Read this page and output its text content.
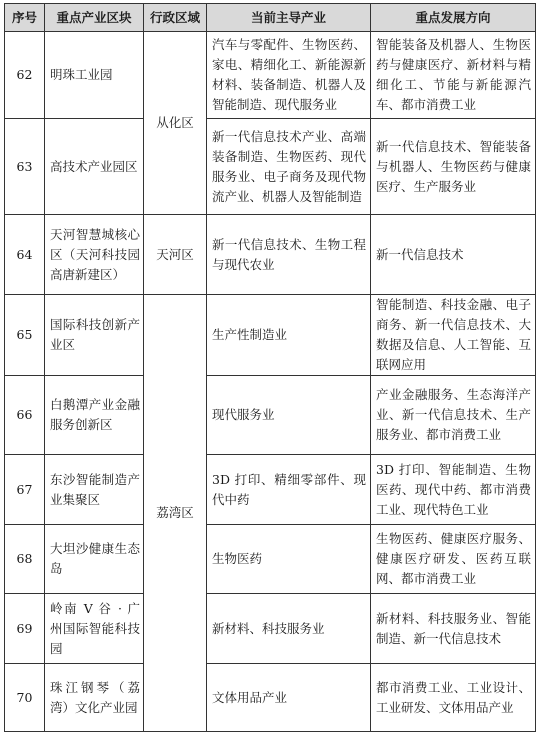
序号	重点产业区块	行政区域	当前主导产业	重点发展方向
62	明珠工业园	从化区	汽车与零配件、生物医药、家电、精细化工、新能源新材料、装备制造、机器人及智能制造、现代服务业	智能装备及机器人、生物医药与健康医疗、新材料与精细化工、节能与新能源汽车、都市消费工业
63	高技术产业园区		新一代信息技术产业、高端装备制造、生物医药、现代服务业、电子商务及现代物流产业、机器人及智能制造	新一代信息技术、智能装备与机器人、生物医药与健康医疗、生产服务业
64	天河智慧城核心区（天河科技园高唐新建区）	天河区	新一代信息技术、生物工程与现代农业	新一代信息技术
65	国际科技创新产业区	荔湾区	生产性制造业	智能制造、科技金融、电子商务、新一代信息技术、大数据及信息、人工智能、互联网应用
66	白鹅潭产业金融服务创新区		现代服务业	产业金融服务、生态海洋产业、新一代信息技术、生产服务业、都市消费工业
67	东沙智能制造产业集聚区		3D 打印、精细零部件、现代中药	3D 打印、智能制造、生物医药、现代中药、都市消费工业、现代特色工业
68	大坦沙健康生态岛		生物医药	生物医药、健康医疗服务、健康医疗研发、医药互联网、都市消费工业
69	岭南 V 谷 · 广州国际智能科技园		新材料、科技服务业	新材料、科技服务业、智能制造、新一代信息技术
70	珠江钢琴（荔湾）文化产业园		文体用品产业	都市消费工业、工业设计、工业研发、文体用品产业
